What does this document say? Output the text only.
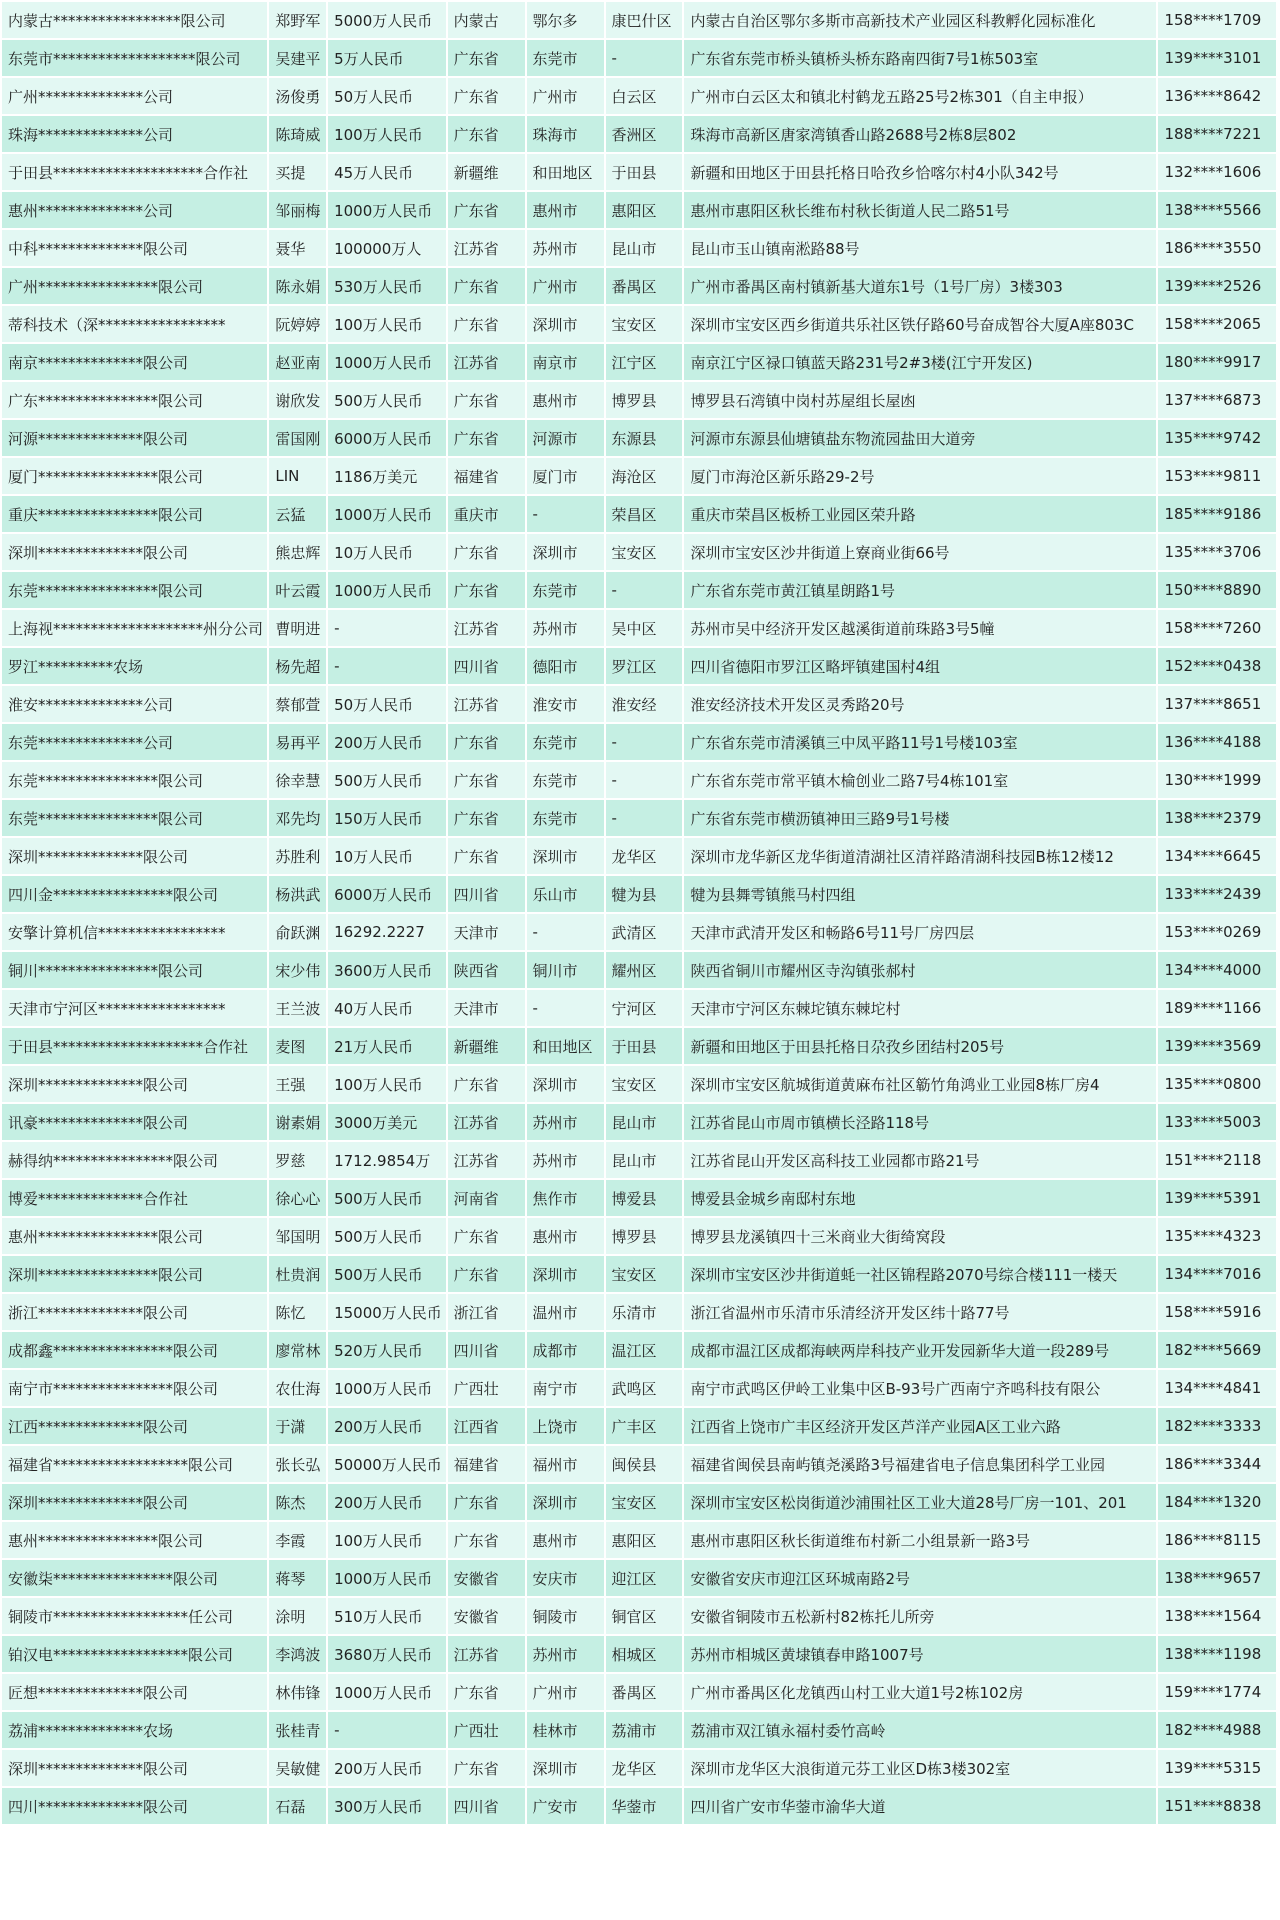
内蒙古*****************限公司	郑野军	5000万人民币	内蒙古	鄂尔多	康巴什区	内蒙古自治区鄂尔多斯市高新技术产业园区科教孵化园标准化	158****1709
东莞市*******************限公司	吴建平	5万人民币	广东省	东莞市	-	广东省东莞市桥头镇桥头桥东路南四街7号1栋503室	139****3101
广州**************公司	汤俊勇	50万人民币	广东省	广州市	白云区	广州市白云区太和镇北村鹤龙五路25号2栋301（自主申报）	136****8642
珠海**************公司	陈琦威	100万人民币	广东省	珠海市	香洲区	珠海市高新区唐家湾镇香山路2688号2栋8层802	188****7221
于田县********************合作社	买提	45万人民币	新疆维	和田地区	于田县	新疆和田地区于田县托格日哈孜乡恰喀尔村4小队342号	132****1606
惠州**************公司	邹丽梅	1000万人民币	广东省	惠州市	惠阳区	惠州市惠阳区秋长维布村秋长街道人民二路51号	138****5566
中科**************限公司	聂华	100000万人	江苏省	苏州市	昆山市	昆山市玉山镇南淞路88号	186****3550
广州****************限公司	陈永娟	530万人民币	广东省	广州市	番禺区	广州市番禺区南村镇新基大道东1号（1号厂房）3楼303	139****2526
蒂科技术（深*****************	阮婷婷	100万人民币	广东省	深圳市	宝安区	深圳市宝安区西乡街道共乐社区铁仔路60号奋成智谷大厦A座803C	158****2065
南京**************限公司	赵亚南	1000万人民币	江苏省	南京市	江宁区	南京江宁区禄口镇蓝天路231号2#3楼(江宁开发区)	180****9917
广东****************限公司	谢欣发	500万人民币	广东省	惠州市	博罗县	博罗县石湾镇中岗村苏屋组长屋凼	137****6873
河源**************限公司	雷国刚	6000万人民币	广东省	河源市	东源县	河源市东源县仙塘镇盐东物流园盐田大道旁	135****9742
厦门****************限公司	LIN	1186万美元	福建省	厦门市	海沧区	厦门市海沧区新乐路29-2号	153****9811
重庆****************限公司	云猛	1000万人民币	重庆市	-	荣昌区	重庆市荣昌区板桥工业园区荣升路	185****9186
深圳**************限公司	熊忠辉	10万人民币	广东省	深圳市	宝安区	深圳市宝安区沙井街道上寮商业街66号	135****3706
东莞****************限公司	叶云霞	1000万人民币	广东省	东莞市	-	广东省东莞市黄江镇星朗路1号	150****8890
上海视********************州分公司	曹明进	-	江苏省	苏州市	吴中区	苏州市吴中经济开发区越溪街道前珠路3号5幢	158****7260
罗江**********农场	杨先超	-	四川省	德阳市	罗江区	四川省德阳市罗江区略坪镇建国村4组	152****0438
淮安**************公司	蔡郁萱	50万人民币	江苏省	淮安市	淮安经	淮安经济技术开发区灵秀路20号	137****8651
东莞**************公司	易再平	200万人民币	广东省	东莞市	-	广东省东莞市清溪镇三中凤平路11号1号楼103室	136****4188
东莞****************限公司	徐幸慧	500万人民币	广东省	东莞市	-	广东省东莞市常平镇木棆创业二路7号4栋101室	130****1999
东莞****************限公司	邓先均	150万人民币	广东省	东莞市	-	广东省东莞市横沥镇神田三路9号1号楼	138****2379
深圳**************限公司	苏胜利	10万人民币	广东省	深圳市	龙华区	深圳市龙华新区龙华街道清湖社区清祥路清湖科技园B栋12楼12	134****6645
四川金****************限公司	杨洪武	6000万人民币	四川省	乐山市	犍为县	犍为县舞雩镇熊马村四组	133****2439
安擎计算机信*****************	俞跃渊	16292.2227	天津市	-	武清区	天津市武清开发区和畅路6号11号厂房四层	153****0269
铜川****************限公司	宋少伟	3600万人民币	陕西省	铜川市	耀州区	陕西省铜川市耀州区寺沟镇张郝村	134****4000
天津市宁河区*****************	王兰波	40万人民币	天津市	-	宁河区	天津市宁河区东棘坨镇东棘坨村	189****1166
于田县********************合作社	麦图	21万人民币	新疆维	和田地区	于田县	新疆和田地区于田县托格日尕孜乡团结村205号	139****3569
深圳**************限公司	王强	100万人民币	广东省	深圳市	宝安区	深圳市宝安区航城街道黄麻布社区簕竹角鸿业工业园8栋厂房4	135****0800
讯豪**************限公司	谢素娟	3000万美元	江苏省	苏州市	昆山市	江苏省昆山市周市镇横长泾路118号	133****5003
赫得纳****************限公司	罗慈	1712.9854万	江苏省	苏州市	昆山市	江苏省昆山开发区高科技工业园都市路21号	151****2118
博爱**************合作社	徐心心	500万人民币	河南省	焦作市	博爱县	博爱县金城乡南邸村东地	139****5391
惠州****************限公司	邹国明	500万人民币	广东省	惠州市	博罗县	博罗县龙溪镇四十三米商业大街绮窝段	135****4323
深圳****************限公司	杜贵润	500万人民币	广东省	深圳市	宝安区	深圳市宝安区沙井街道蚝一社区锦程路2070号综合楼111一楼天	134****7016
浙江**************限公司	陈忆	15000万人民币	浙江省	温州市	乐清市	浙江省温州市乐清市乐清经济开发区纬十路77号	158****5916
成都鑫****************限公司	廖常林	520万人民币	四川省	成都市	温江区	成都市温江区成都海峡两岸科技产业开发园新华大道一段289号	182****5669
南宁市****************限公司	农仕海	1000万人民币	广西壮	南宁市	武鸣区	南宁市武鸣区伊岭工业集中区B-93号广西南宁齐鸣科技有限公	134****4841
江西**************限公司	于潇	200万人民币	江西省	上饶市	广丰区	江西省上饶市广丰区经济开发区芦洋产业园A区工业六路	182****3333
福建省******************限公司	张长弘	50000万人民币	福建省	福州市	闽侯县	福建省闽侯县南屿镇尧溪路3号福建省电子信息集团科学工业园	186****3344
深圳**************限公司	陈杰	200万人民币	广东省	深圳市	宝安区	深圳市宝安区松岗街道沙浦围社区工业大道28号厂房一101、201	184****1320
惠州****************限公司	李霞	100万人民币	广东省	惠州市	惠阳区	惠州市惠阳区秋长街道维布村新二小组景新一路3号	186****8115
安徽柒****************限公司	蒋琴	1000万人民币	安徽省	安庆市	迎江区	安徽省安庆市迎江区环城南路2号	138****9657
铜陵市******************任公司	涂明	510万人民币	安徽省	铜陵市	铜官区	安徽省铜陵市五松新村82栋托儿所旁	138****1564
铂汉电******************限公司	李鸿波	3680万人民币	江苏省	苏州市	相城区	苏州市相城区黄埭镇春申路1007号	138****1198
匠想**************限公司	林伟锋	1000万人民币	广东省	广州市	番禺区	广州市番禺区化龙镇西山村工业大道1号2栋102房	159****1774
荔浦**************农场	张桂青	-	广西壮	桂林市	荔浦市	荔浦市双江镇永福村委竹高岭	182****4988
深圳**************限公司	吴敏健	200万人民币	广东省	深圳市	龙华区	深圳市龙华区大浪街道元芬工业区D栋3楼302室	139****5315
四川**************限公司	石磊	300万人民币	四川省	广安市	华蓥市	四川省广安市华蓥市渝华大道	151****8838
